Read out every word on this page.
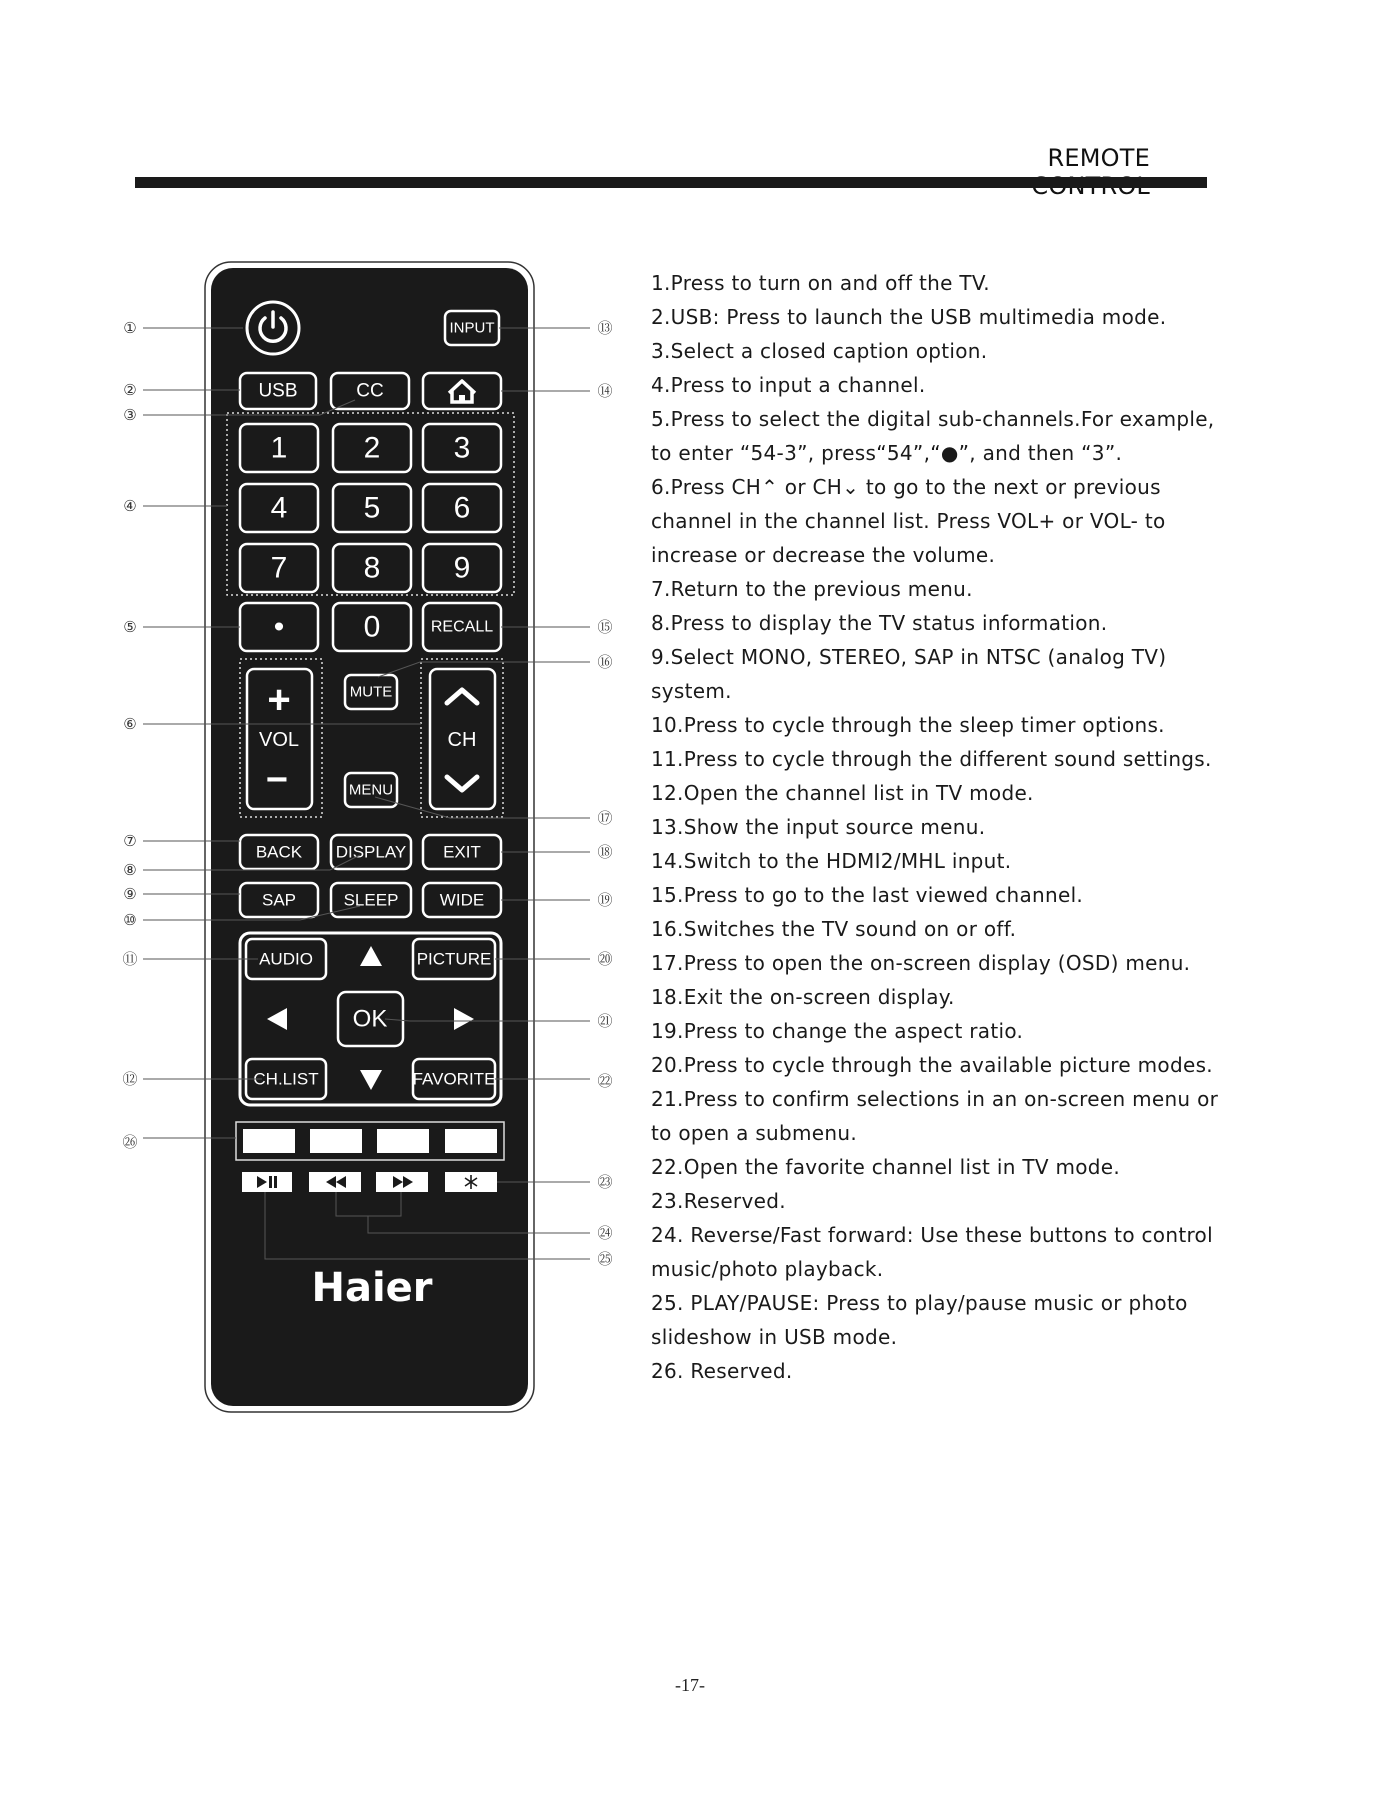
REMOTE
INPUT
USB	CC
1	2 3
4	5 6
7	8 9
•	0	RECALL
+
VOL
−
MUTE
MENU
CH
BACK DISPLAY EXIT
SAP	SLEEP WIDE
AUDIO	PICTURE
CH.LIST	FAVORITE
OK
Haier
①
②
③
④
⑤
⑥
⑦
⑧
⑨
⑩
⑪
⑫
㉖
⑬
⑭
⑮
⑯
⑰
⑱
⑲
⑳
㉑
㉒
㉓
㉔
㉕
1.Press to turn on and off the TV.
2.USB: Press to launch the USB multimedia mode.
3.Select a closed caption option.
4.Press to input a channel.
5.Press to select the digital sub-channels.For example, to enter “54-3”, press“54”,“●”, and then “3”.
6.Press CH⌃ or CH⌄ to go to the next or previous channel in the channel list. Press VOL+ or VOL- to increase or decrease the volume.
7.Return to the previous menu.
8.Press to display the TV status information.
9.Select MONO, STEREO, SAP in NTSC (analog TV) system.
10.Press to cycle through the sleep timer options.
11.Press to cycle through the different sound settings.
12.Open the channel list in TV mode.
13.Show the input source menu.
14.Switch to the HDMI2/MHL input.
15.Press to go to the last viewed channel.
16.Switches the TV sound on or off.
17.Press to open the on-screen display (OSD) menu.
18.Exit the on-screen display.
19.Press to change the aspect ratio.
20.Press to cycle through the available picture modes.
21.Press to confirm selections in an on-screen menu or to open a submenu.
22.Open the favorite channel list in TV mode.
23.Reserved.
24. Reverse/Fast forward: Use these buttons to control music/photo playback.
25. PLAY/PAUSE: Press to play/pause music or photo slideshow in USB mode.
26. Reserved.
-17-
